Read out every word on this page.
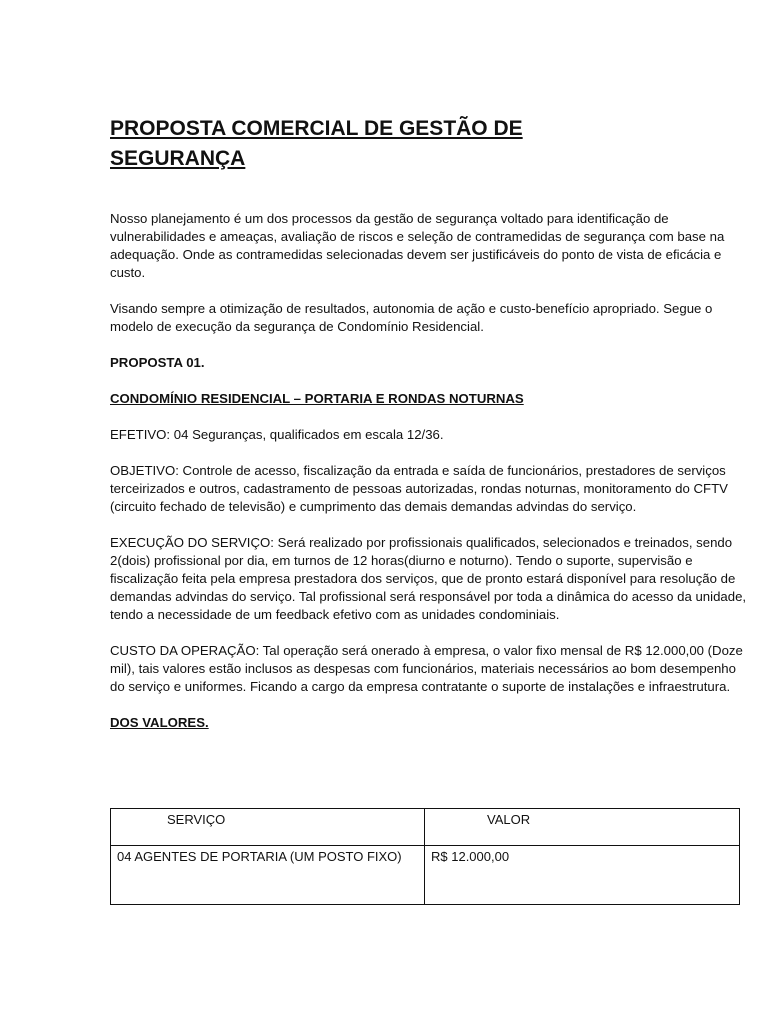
PROPOSTA COMERCIAL DE GESTÃO DE SEGURANÇA

Nosso planejamento é um dos processos da gestão de segurança voltado para identificação de vulnerabilidades e ameaças, avaliação de riscos e seleção de contramedidas de segurança com base na adequação. Onde as contramedidas selecionadas devem ser justificáveis do ponto de vista de eficácia e custo.

Visando sempre a otimização de resultados, autonomia de ação e custo-benefício apropriado. Segue o modelo de execução da segurança de Condomínio Residencial.

PROPOSTA 01.

CONDOMÍNIO RESIDENCIAL – PORTARIA E RONDAS NOTURNAS

EFETIVO: 04 Seguranças, qualificados em escala 12/36.

OBJETIVO: Controle de acesso, fiscalização da entrada e saída de funcionários, prestadores de serviços terceirizados e outros, cadastramento de pessoas autorizadas, rondas noturnas, monitoramento do CFTV (circuito fechado de televisão) e cumprimento das demais demandas advindas do serviço.

EXECUÇÃO DO SERVIÇO: Será realizado por profissionais qualificados, selecionados e treinados, sendo 2(dois) profissional por dia, em turnos de 12 horas(diurno e noturno). Tendo o suporte, supervisão e fiscalização feita pela empresa prestadora dos serviços, que de pronto estará disponível para resolução de demandas advindas do serviço. Tal profissional será responsável por toda a dinâmica do acesso da unidade, tendo a necessidade de um feedback efetivo com as unidades condominiais.

CUSTO DA OPERAÇÃO: Tal operação será onerado à empresa, o valor fixo mensal de R$ 12.000,00 (Doze mil), tais valores estão inclusos as despesas com funcionários, materiais necessários ao bom desempenho do serviço e uniformes. Ficando a cargo da empresa contratante o suporte de instalações e infraestrutura.

DOS VALORES.

SERVIÇO	VALOR
04 AGENTES DE PORTARIA (UM POSTO FIXO)	R$ 12.000,00
